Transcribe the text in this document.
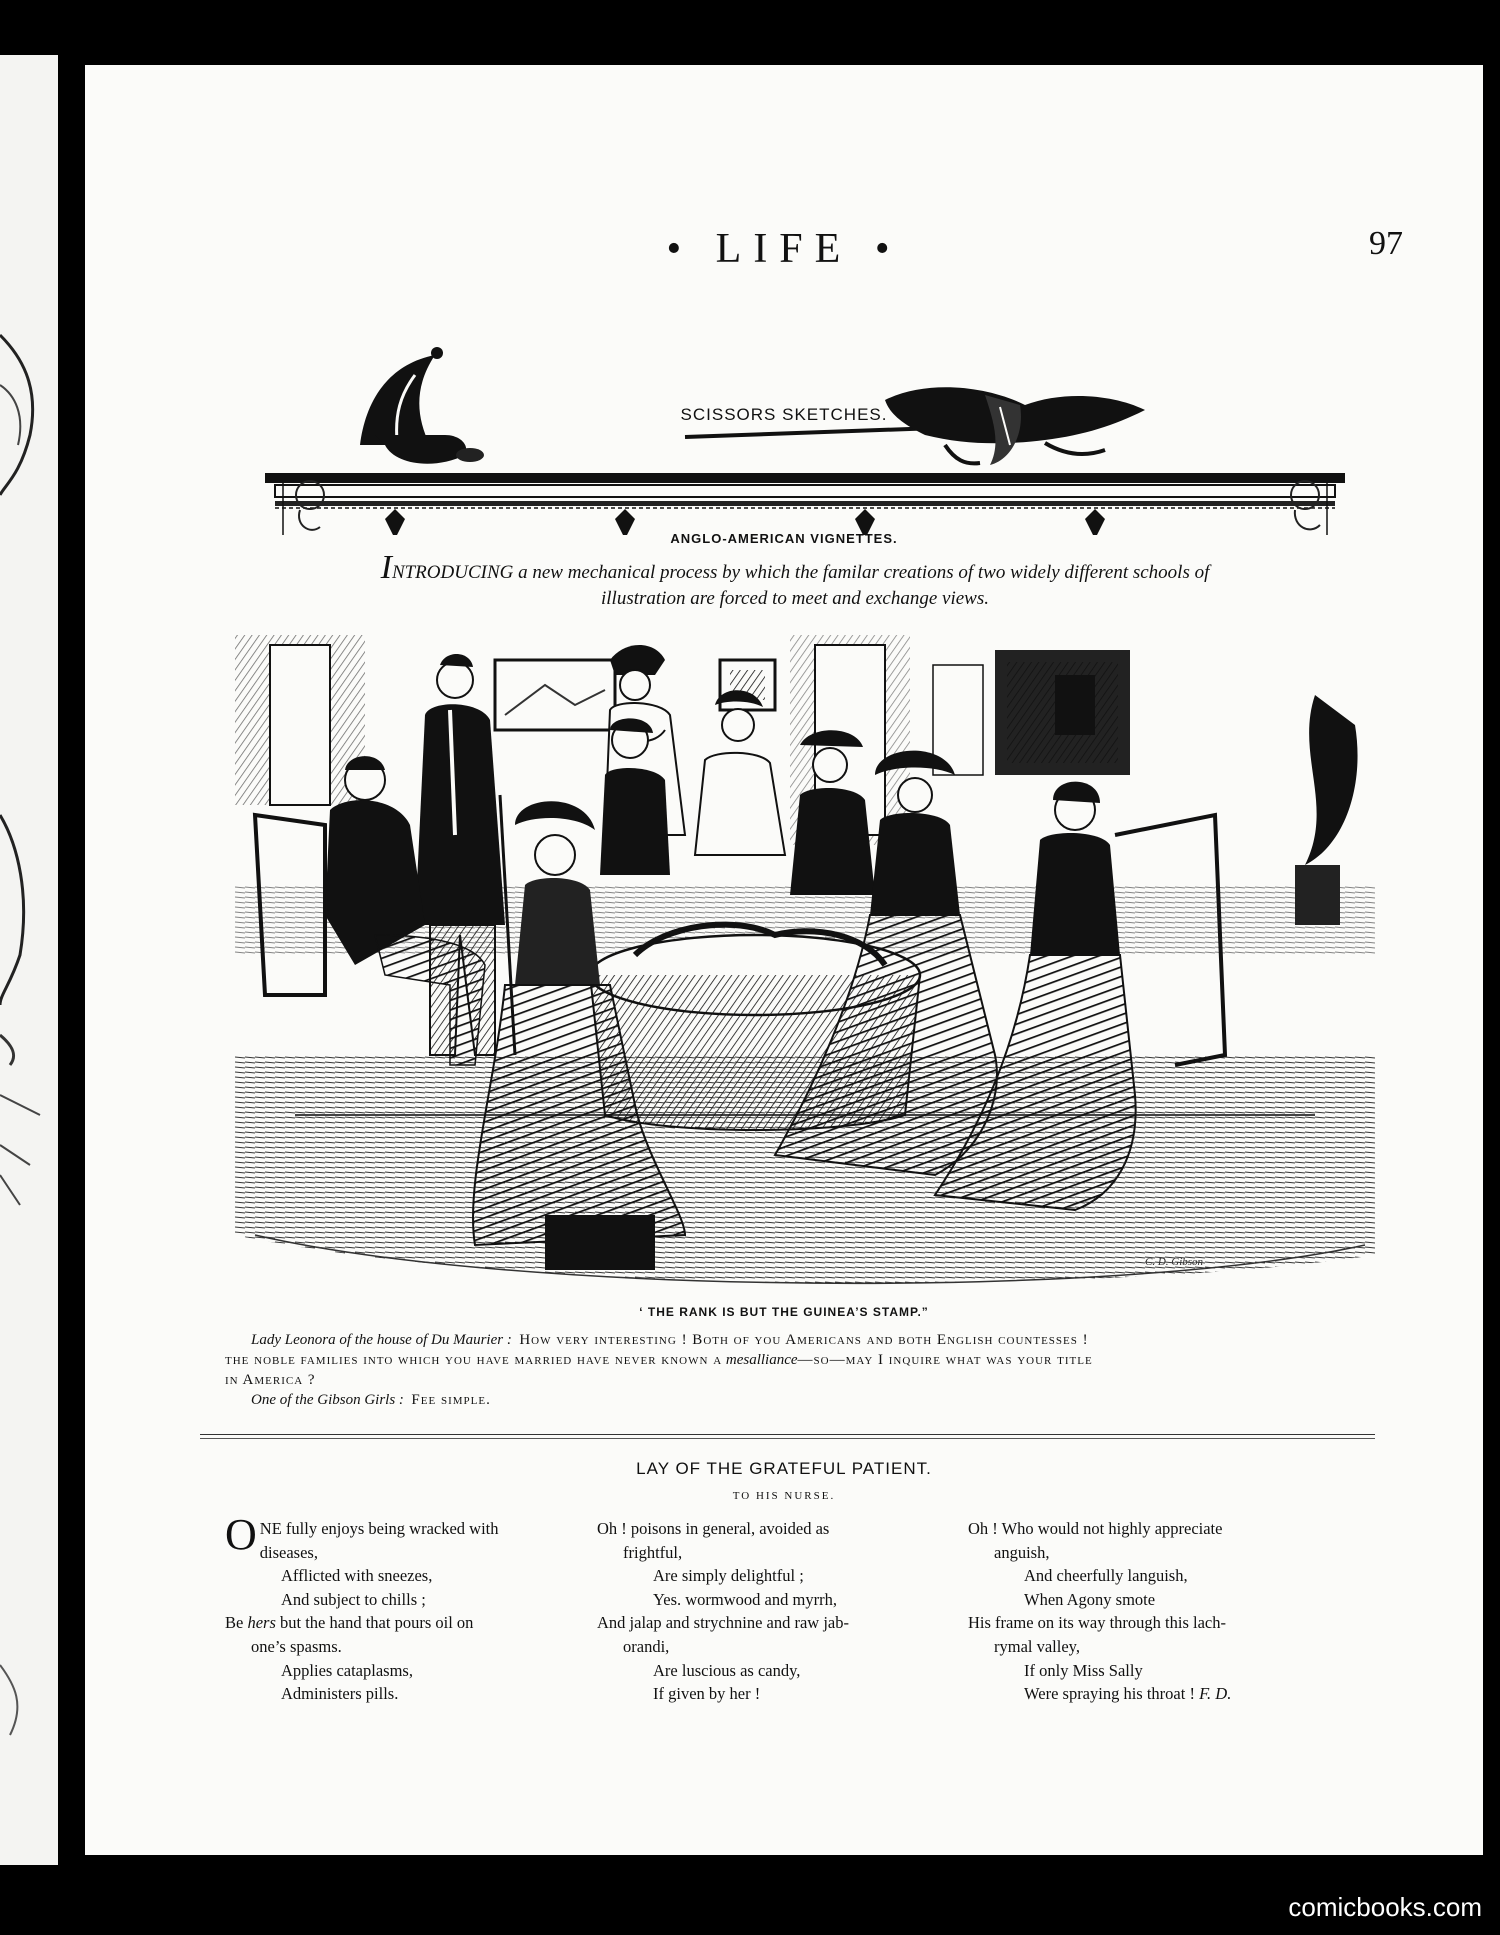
• LIFE •	97
SCISSORS SKETCHES.
ANGLO-AMERICAN VIGNETTES.
INTRODUCING a new mechanical process by which the familar creations of two widely different schools of
illustration are forced to meet and exchange views.
C. D. Gibson
‘ THE RANK IS BUT THE GUINEA’S STAMP.”

Lady Leonora of the house of Du Maurier : How very interesting ! Both of you Americans and both English countesses !

the noble families into which you have married have never known a mesalliance—so—may I inquire what was your title

in America ?

One of the Gibson Girls : Fee simple.

LAY OF THE GRATEFUL PATIENT.
TO HIS NURSE.
ONE fully enjoys being wracked with
diseases,
Afflicted with sneezes,
And subject to chills ;
Be hers but the hand that pours oil on
one’s spasms.
Applies cataplasms,
Administers pills.
Oh ! poisons in general, avoided as
frightful,
Are simply delightful ;
Yes. wormwood and myrrh,
And jalap and strychnine and raw jab-
orandi,
Are luscious as candy,
If given by her !
Oh ! Who would not highly appreciate
anguish,
And cheerfully languish,
When Agony smote
His frame on its way through this lach-
rymal valley,
If only Miss Sally
Were spraying his throat ! F. D.
comicbooks.com
